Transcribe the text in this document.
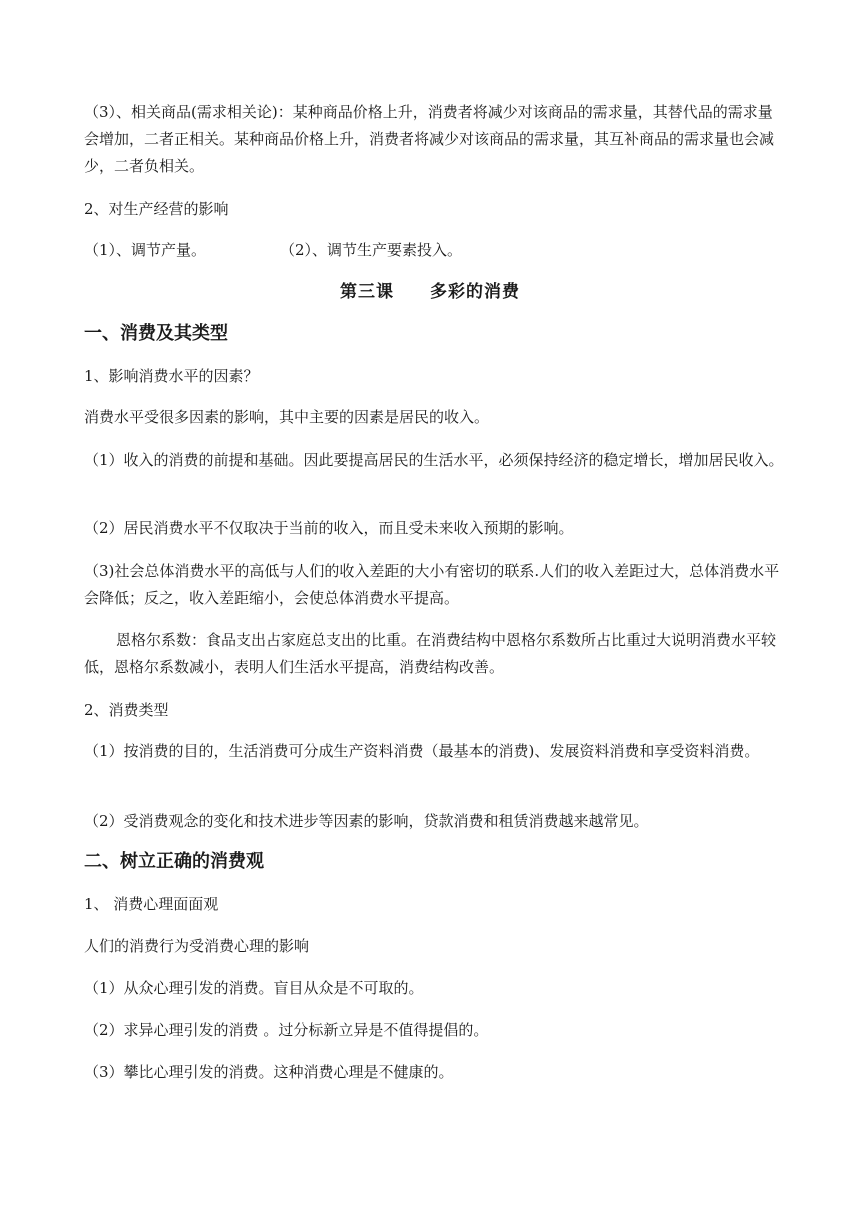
（3）、相关商品(需求相关论)：某种商品价格上升，消费者将减少对该商品的需求量，其替代品的需求量会增加，二者正相关。某种商品价格上升，消费者将减少对该商品的需求量，其互补商品的需求量也会减少，二者负相关。
2、对生产经营的影响
（1）、调节产量。	（2）、调节生产要素投入。
第三课　　多彩的消费
一、消费及其类型
1、影响消费水平的因素？
消费水平受很多因素的影响，其中主要的因素是居民的收入。
（1）收入的消费的前提和基础。因此要提高居民的生活水平，必须保持经济的稳定增长，增加居民收入。
（2）居民消费水平不仅取决于当前的收入，而且受未来收入预期的影响。
（3)社会总体消费水平的高低与人们的收入差距的大小有密切的联系.人们的收入差距过大，总体消费水平会降低；反之，收入差距缩小，会使总体消费水平提高。
恩格尔系数：食品支出占家庭总支出的比重。在消费结构中恩格尔系数所占比重过大说明消费水平较低，恩格尔系数减小，表明人们生活水平提高，消费结构改善。
2、消费类型
（1）按消费的目的，生活消费可分成生产资料消费（最基本的消费)、发展资料消费和享受资料消费。
（2）受消费观念的变化和技术进步等因素的影响，贷款消费和租赁消费越来越常见。
二、树立正确的消费观
1、 消费心理面面观
人们的消费行为受消费心理的影响
（1）从众心理引发的消费。盲目从众是不可取的。
（2）求异心理引发的消费 。过分标新立异是不值得提倡的。
（3）攀比心理引发的消费。这种消费心理是不健康的。
